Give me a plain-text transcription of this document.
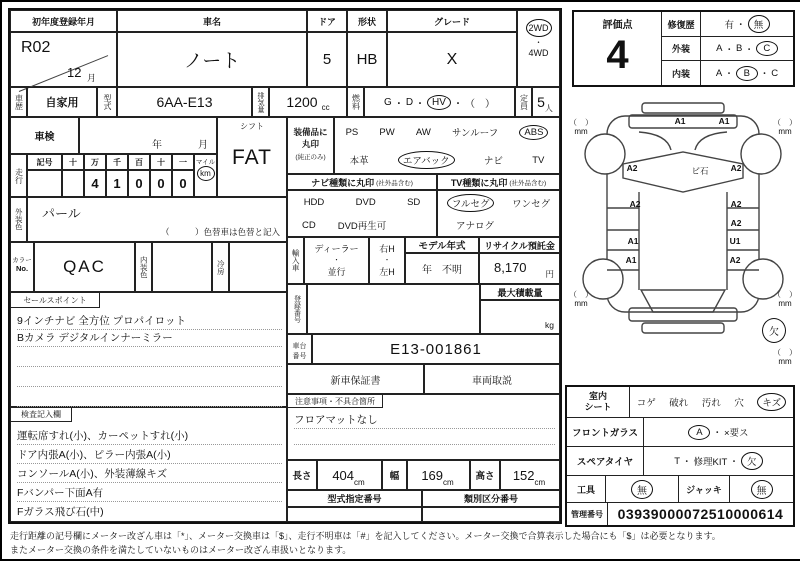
初年度登録年月	車名	ドア 形状	グレード
2WD
・
4WD
R02
12 月
ノート	5 HB	X
車歴 自家用	型式	6AA-E13	排気量 1200 cc	燃料 G ・ D ・ HV ・ （　）	定員 5 人
車検
年	月
シフト
FAT
走行
記号 十 万 千 百 十 一
4 1 0 0 0
マイル
km
装備品に
丸印
(純正のみ)
PS PW AW サンルーフ	ABS
本革	エアバック	ナビ	TV
ナビ種類に丸印 (社外品含む)	TV種類に丸印 (社外品含む)
HDD	DVD	SD
CD DVD再生可
フルセグ	ワンセグ
アナログ
外装色 パール
（　　　）色替車は色替と記入
カラー
No. QAC	内装色	冷房
セールスポイント
9インチナビ 全方位 プロパイロット
Bカメラ デジタルインナーミラー
検査記入欄
運転席すれ(小)、カーペットすれ(小)
ドア内張A(小)、ピラー内張A(小)
コンソールA(小)、外装薄線キズ
Fバンパー下面A有
Fガラス飛び石(中)
輸入車
ディーラー
・
並行
右H
・
左H
モデル年式
年 不明
リサイクル預託金
8,170 円
登録番号
最大積載量
kg
車台
番号	E13-001861
新車保証書	車両取説
注意事項・不具合箇所
フロアマットなし
長さ 404 cm
幅 169 cm
高さ 152 cm
型式指定番号	類別区分番号
評価点
4
修復歴	有 ・ 無
外装	A ・ B ・	C
内装	A ・	B	・ C
A1	A1
A2	A2
ビ石
A2	A2
A2
A1	U1
A1	A2
欠
（　）
mm
（　）
mm
（　）
mm
（　）
mm
（　）
mm
室内
シート	コゲ 破れ 汚れ 穴	キズ
フロントガラス	A	・ ×要ス
スペアタイヤ	T ・ 修理KIT ・ 欠
工具	無	ジャッキ	無
管理番号 03939000072510000614
走行距離の記号欄にメーター改ざん車は「*」、メーター交換車は「$」、走行不明車は「#」を記入してください。メーター交換で合算表示した場合にも「$」は必要となります。
またメーター交換の条件を満たしていないものはメーター改ざん車扱いとなります。
